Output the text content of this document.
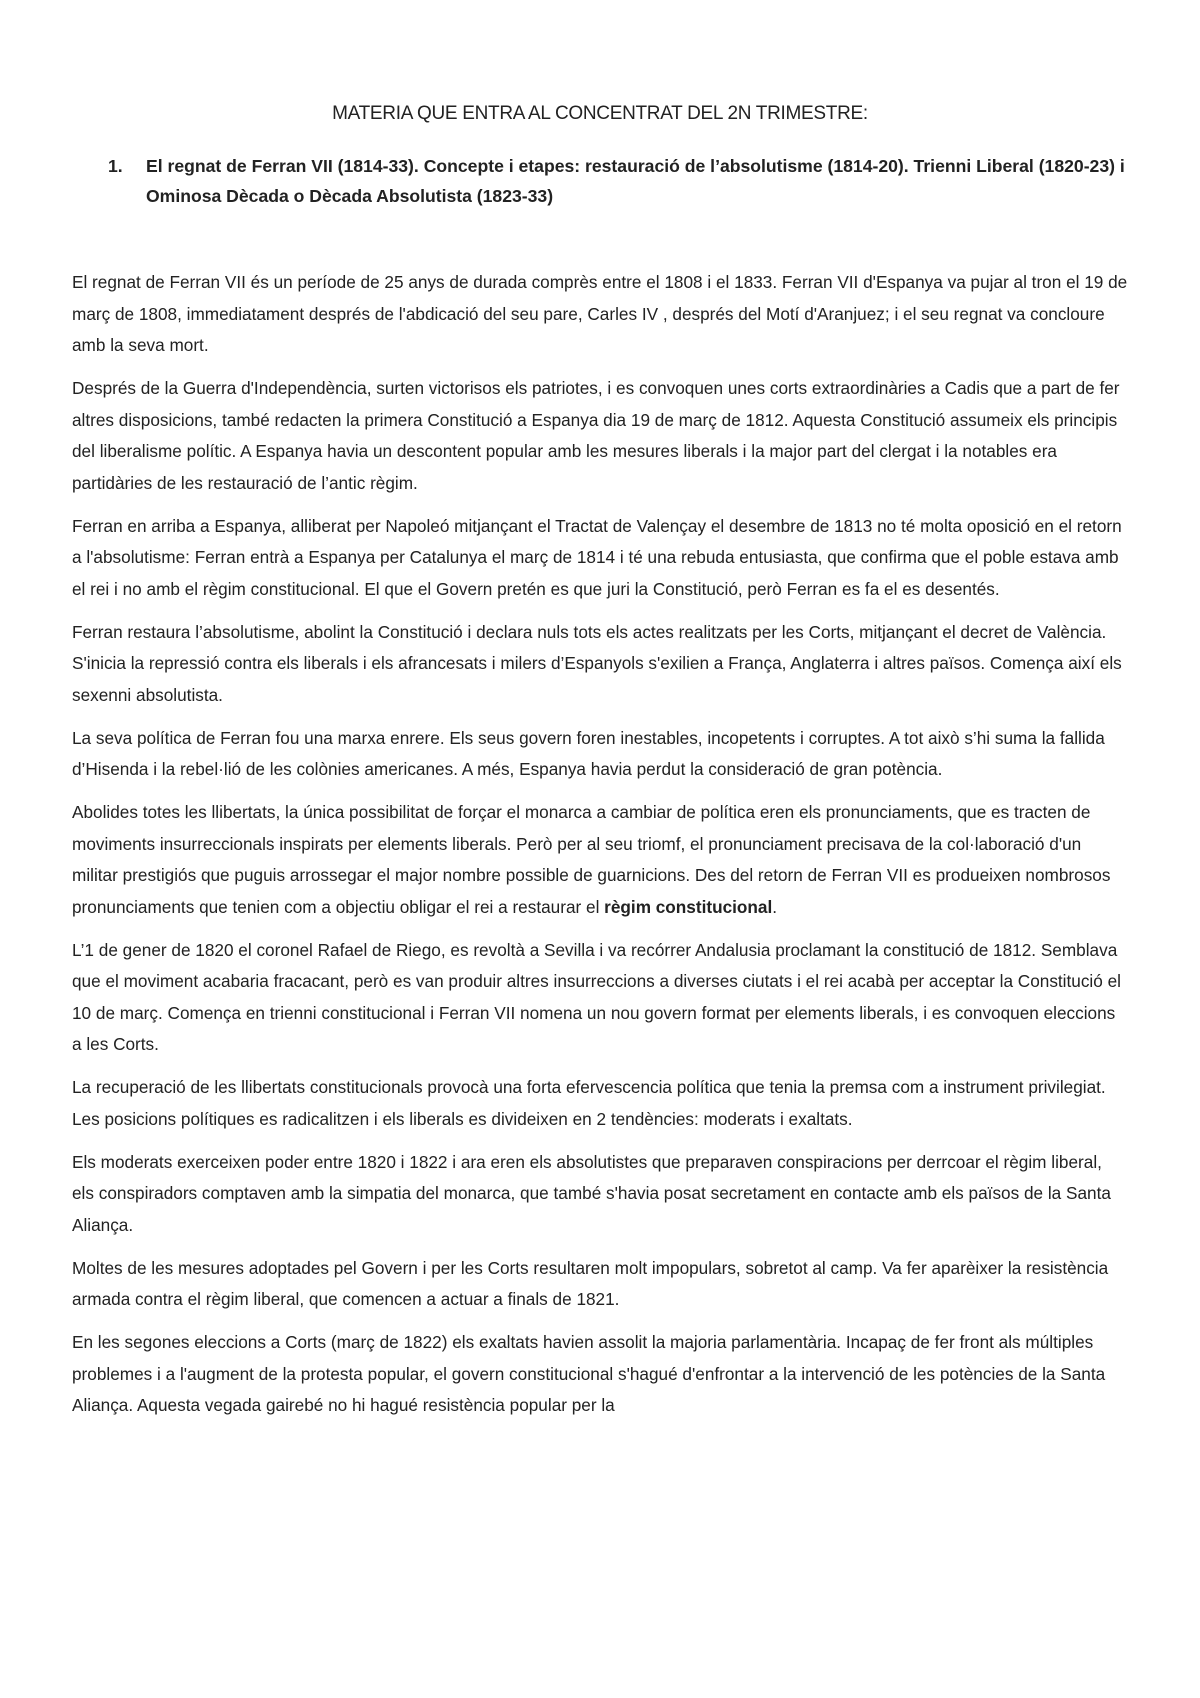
MATERIA QUE ENTRA AL CONCENTRAT DEL 2N TRIMESTRE:
1.	El regnat de Ferran VII (1814-33). Concepte i etapes: restauració de l’absolutisme (1814-20). Trienni Liberal (1820-23) i Ominosa Dècada o Dècada Absolutista (1823-33)

El regnat de Ferran VII és un període de 25 anys de durada comprès entre el 1808 i el 1833. Ferran VII d'Espanya va pujar al tron el 19 de març de 1808, immediatament després de l'abdicació del seu pare, Carles IV , després del Motí d'Aranjuez; i el seu regnat va concloure amb la seva mort.

Després de la Guerra d'Independència, surten victorisos els patriotes, i es convoquen unes corts extraordinàries a Cadis que a part de fer altres disposicions, també redacten la primera Constitució a Espanya dia 19 de març de 1812. Aquesta Constitució assumeix els principis del liberalisme polític. A Espanya havia un descontent popular amb les mesures liberals i la major part del clergat i la notables era partidàries de les restauració de l’antic règim.

Ferran en arriba a Espanya, alliberat per Napoleó mitjançant el Tractat de Valençay el desembre de 1813 no té molta oposició en el retorn a l'absolutisme: Ferran entrà a Espanya per Catalunya el març de 1814 i té una rebuda entusiasta, que confirma que el poble estava amb el rei i no amb el règim constitucional. El que el Govern pretén es que juri la Constitució, però Ferran es fa el es desentés.

Ferran restaura l’absolutisme, abolint la Constitució i declara nuls tots els actes realitzats per les Corts, mitjançant el decret de València. S'inicia la repressió contra els liberals i els afrancesats i milers d’Espanyols s'exilien a França, Anglaterra i altres països. Comença així els sexenni absolutista.

La seva política de Ferran fou una marxa enrere. Els seus govern foren inestables, incopetents i corruptes. A tot això s’hi suma la fallida d’Hisenda i la rebel·lió de les colònies americanes. A més, Espanya havia perdut la consideració de gran potència.

Abolides totes les llibertats, la única possibilitat de forçar el monarca a cambiar de política eren els pronunciaments, que es tracten de moviments insurreccionals inspirats per elements liberals. Però per al seu triomf, el pronunciament precisava de la col·laboració d'un militar prestigiós que puguis arrossegar el major nombre possible de guarnicions. Des del retorn de Ferran VII es produeixen nombrosos pronunciaments que tenien com a objectiu obligar el rei a restaurar el règim constitucional.

L’1 de gener de 1820 el coronel Rafael de Riego, es revoltà a Sevilla i va recórrer Andalusia proclamant la constitució de 1812. Semblava que el moviment acabaria fracacant, però es van produir altres insurreccions a diverses ciutats i el rei acabà per acceptar la Constitució el 10 de març. Comença en trienni constitucional i Ferran VII nomena un nou govern format per elements liberals, i es convoquen eleccions a les Corts.

La recuperació de les llibertats constitucionals provocà una forta efervescencia política que tenia la premsa com a instrument privilegiat. Les posicions polítiques es radicalitzen i els liberals es divideixen en 2 tendències: moderats i exaltats.

Els moderats exerceixen poder entre 1820 i 1822 i ara eren els absolutistes que preparaven conspiracions per derrcoar el règim liberal, els conspiradors comptaven amb la simpatia del monarca, que també s'havia posat secretament en contacte amb els països de la Santa Aliança.

Moltes de les mesures adoptades pel Govern i per les Corts resultaren molt impopulars, sobretot al camp. Va fer aparèixer la resistència armada contra el règim liberal, que comencen a actuar a finals de 1821.

En les segones eleccions a Corts (març de 1822) els exaltats havien assolit la majoria parlamentària. Incapaç de fer front als múltiples problemes i a l'augment de la protesta popular, el govern constitucional s'hagué d'enfrontar a la intervenció de les potències de la Santa Aliança. Aquesta vegada gairebé no hi hagué resistència popular per la
